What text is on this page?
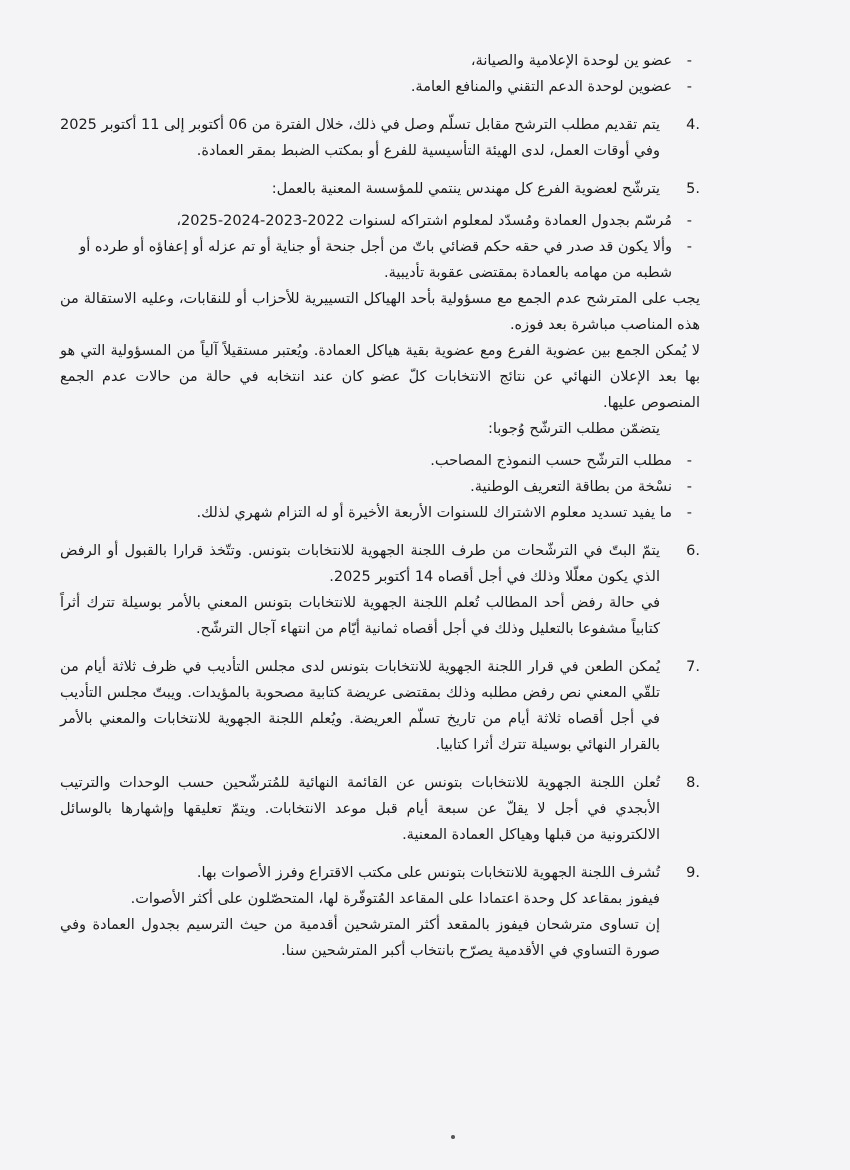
-
عضو ين لوحدة الإعلامية والصيانة،
-
عضوين لوحدة الدعم التقني والمنافع العامة.
4.

يتم تقديم مطلب الترشح مقابل تسلّم وصل في ذلك، خلال الفترة من 06 أكتوبر إلى 11 أكتوبر 2025 وفي أوقات العمل، لدى الهيئة التأسيسية للفرع أو بمكتب الضبط بمقر العمادة.

5.

يترشّح لعضوية الفرع كل مهندس ينتمي للمؤسسة المعنية بالعمل:

-
مُرسّم بجدول العمادة ومُسدّد لمعلوم اشتراكه لسنوات 2022-2023-2024-2025،
-
وألا يكون قد صدر في حقه حكم قضائي باتّ من أجل جنحة أو جناية أو تم عزله أو إعفاؤه أو طرده أو شطبه من مهامه بالعمادة بمقتضى عقوبة تأديبية.

يجب على المترشح عدم الجمع مع مسؤولية بأحد الهياكل التسييرية للأحزاب أو للنقابات، وعليه الاستقالة من هذه المناصب مباشرة بعد فوزه.

لا يُمكن الجمع بين عضوية الفرع ومع عضوية بقية هياكل العمادة. ويُعتبر مستقيلاً آلياً من المسؤولية التي هو بها بعد الإعلان النهائي عن نتائج الانتخابات كلّ عضو كان عند انتخابه في حالة من حالات عدم الجمع المنصوص عليها.

يتضمّن مطلب الترشّح وُجوبا:

-
مطلب الترشّح حسب النموذج المصاحب.
-
نسْخة من بطاقة التعريف الوطنية.
-
ما يفيد تسديد معلوم الاشتراك للسنوات الأربعة الأخيرة أو له التزام شهري لذلك.
6.

يتمّ البتّ في الترشّحات من طرف اللجنة الجهوية للانتخابات بتونس. وتتّخذ قرارا بالقبول أو الرفض الذي يكون معلّلا وذلك في أجل أقصاه 14 أكتوبر 2025.

في حالة رفض أحد المطالب تُعلم اللجنة الجهوية للانتخابات بتونس المعني بالأمر بوسيلة تترك أثراً كتابياً مشفوعا بالتعليل وذلك في أجل أقصاه ثمانية أيّام من انتهاء آجال الترشّح.

7.

يُمكن الطعن في قرار اللجنة الجهوية للانتخابات بتونس لدى مجلس التأديب في ظرف ثلاثة أيام من تلقّي المعني نص رفض مطلبه وذلك بمقتضى عريضة كتابية مصحوبة بالمؤيدات. ويبتّ مجلس التأديب في أجل أقصاه ثلاثة أيام من تاريخ تسلّم العريضة. ويُعلم اللجنة الجهوية للانتخابات والمعني بالأمر بالقرار النهائي بوسيلة تترك أثرا كتابيا.

8.

تُعلن اللجنة الجهوية للانتخابات بتونس عن القائمة النهائية للمُترشّحين حسب الوحدات والترتيب الأبجدي في أجل لا يقلّ عن سبعة أيام قبل موعد الانتخابات. ويتمّ تعليقها وإشهارها بالوسائل الالكترونية من قبلها وهياكل العمادة المعنية.

9.

تُشرف اللجنة الجهوية للانتخابات بتونس على مكتب الاقتراع وفرز الأصوات بها.

فيفوز بمقاعد كل وحدة اعتمادا على المقاعد المُتوفّرة لها، المتحصّلون على أكثر الأصوات.

إن تساوى مترشحان فيفوز بالمقعد أكثر المترشحين أقدمية من حيث الترسيم بجدول العمادة وفي صورة التساوي في الأقدمية يصرّح بانتخاب أكبر المترشحين سنا.
